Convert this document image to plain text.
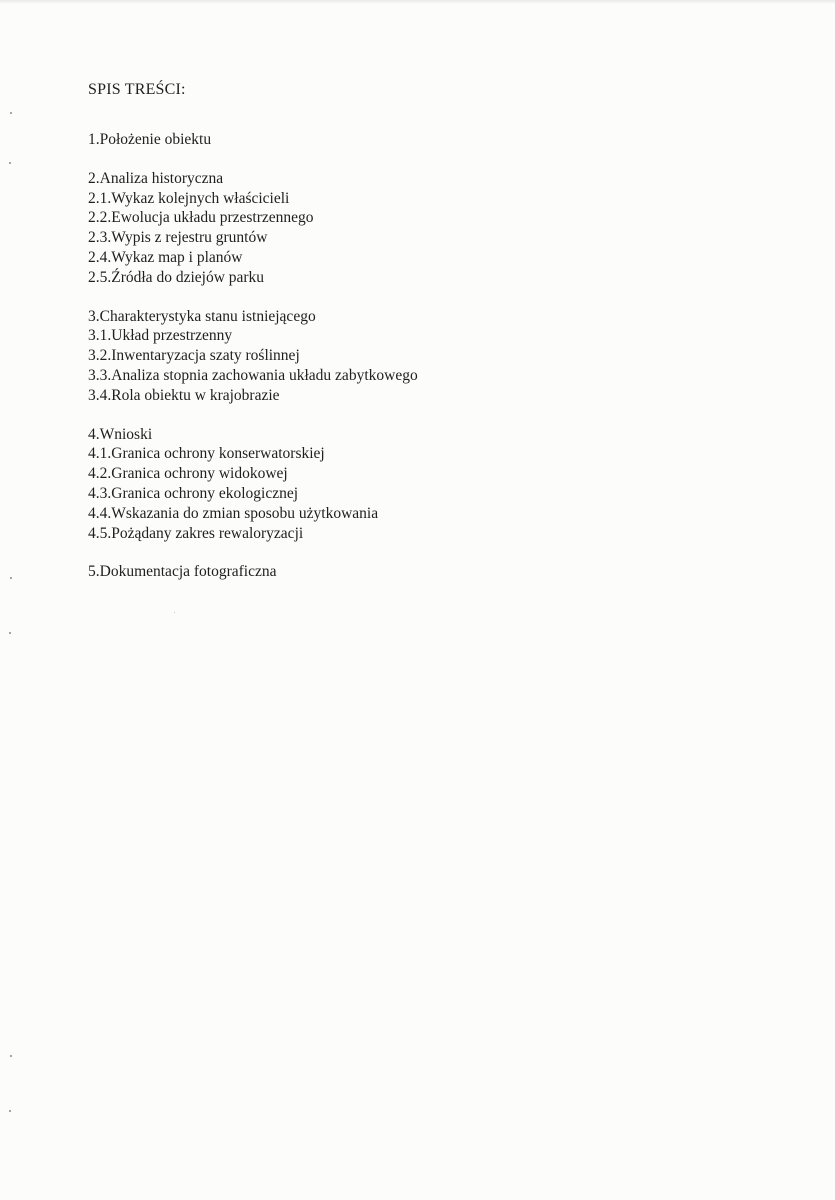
SPIS TREŚCI:
1.Położenie obiektu
2.Analiza historyczna
2.1.Wykaz kolejnych właścicieli
2.2.Ewolucja układu przestrzennego
2.3.Wypis z rejestru gruntów
2.4.Wykaz map i planów
2.5.Źródła do dziejów parku
3.Charakterystyka stanu istniejącego
3.1.Układ przestrzenny
3.2.Inwentaryzacja szaty roślinnej
3.3.Analiza stopnia zachowania układu zabytkowego
3.4.Rola obiektu w krajobrazie
4.Wnioski
4.1.Granica ochrony konserwatorskiej
4.2.Granica ochrony widokowej
4.3.Granica ochrony ekologicznej
4.4.Wskazania do zmian sposobu użytkowania
4.5.Pożądany zakres rewaloryzacji
5.Dokumentacja fotograficzna
